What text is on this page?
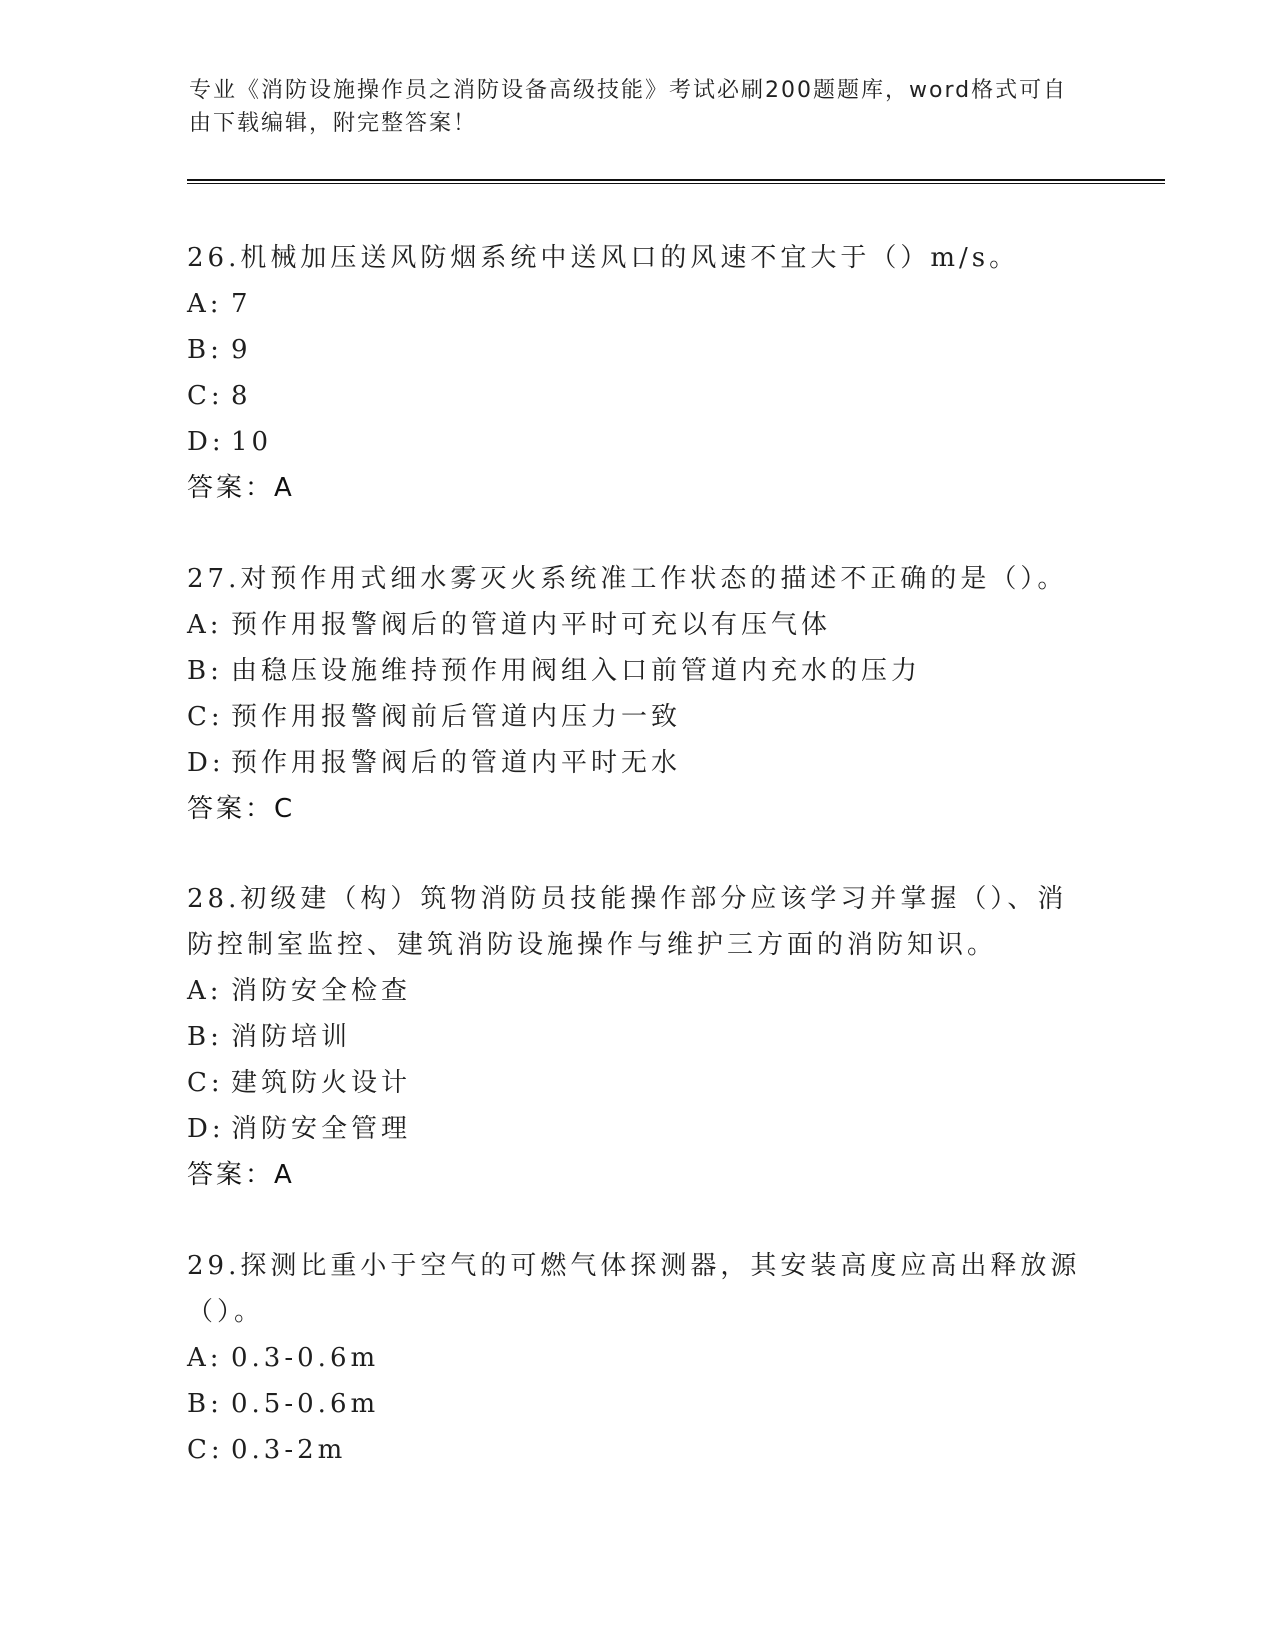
专业《消防设施操作员之消防设备高级技能》考试必刷200题题库，word格式可自由下载编辑，附完整答案！

26.机械加压送风防烟系统中送风口的风速不宜大于（）m/s。

A: 7
B: 9
C: 8
D: 10
答案：A

27.对预作用式细水雾灭火系统准工作状态的描述不正确的是（）。

A: 预作用报警阀后的管道内平时可充以有压气体
B: 由稳压设施维持预作用阀组入口前管道内充水的压力
C: 预作用报警阀前后管道内压力一致
D: 预作用报警阀后的管道内平时无水
答案：C

28.初级建（构）筑物消防员技能操作部分应该学习并掌握（）、消防控制室监控、建筑消防设施操作与维护三方面的消防知识。

A: 消防安全检查
B: 消防培训
C: 建筑防火设计
D: 消防安全管理
答案：A

29.探测比重小于空气的可燃气体探测器，其安装高度应高出释放源（）。

A: 0.3-0.6m
B: 0.5-0.6m
C: 0.3-2m
